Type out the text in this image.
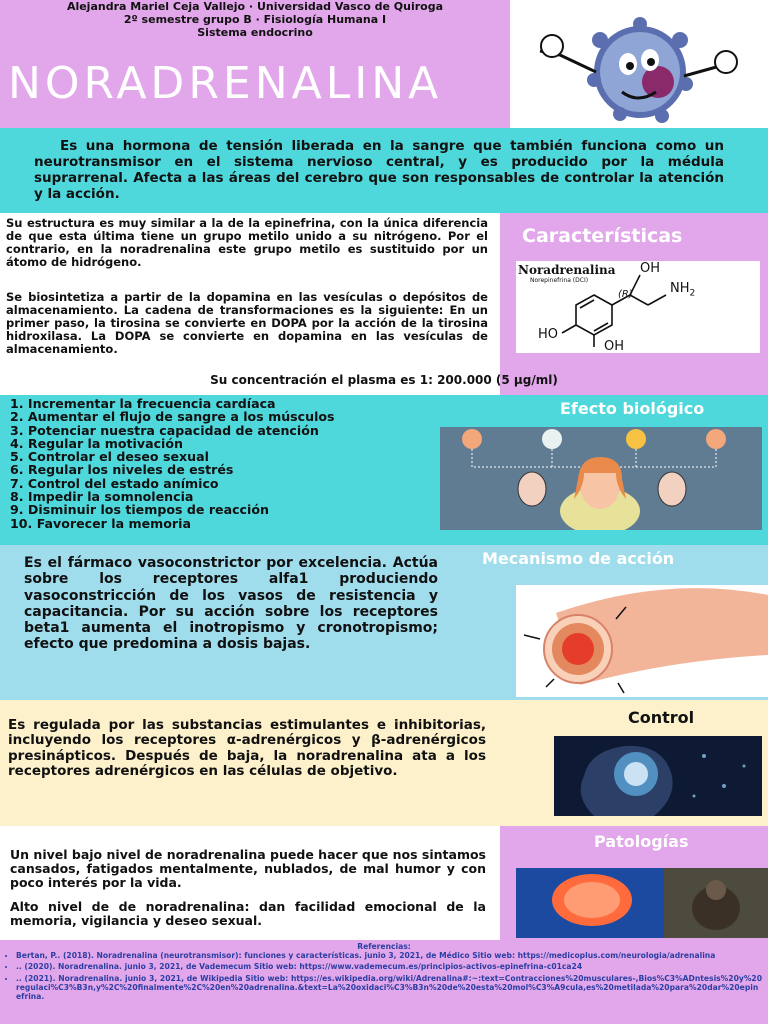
Alejandra Mariel Ceja Vallejo · Universidad Vasco de Quiroga
2º semestre grupo B · Fisiología Humana I
Sistema endocrino
NORADRENALINA
Es una hormona de tensión liberada en la sangre que también funciona como un neurotransmisor en el sistema nervioso central, y es producido por la médula suprarrenal. Afecta a las áreas del cerebro que son responsables de controlar la atención y la acción.
Su estructura es muy similar a la de la epinefrina, con la única diferencia de que esta última tiene un grupo metilo unido a su nitrógeno. Por el contrario, en la noradrenalina este grupo metilo es sustituido por un átomo de hidrógeno.
Se biosintetiza a partir de la dopamina en las vesículas o depósitos de almacenamiento. La cadena de transformaciones es la siguiente: En un primer paso, la tirosina se convierte en DOPA por la acción de la tirosina hidroxilasa. La DOPA se convierte en dopamina en las vesículas de almacenamiento.
Características
Noradrenalina
Norepinefrina (DCI)
OH
(R)	$NH_2$
HO
OH
Su concentración el plasma es 1: 200.000 (5 µg/ml)
1. Incrementar la frecuencia cardíaca
2. Aumentar el flujo de sangre a los músculos
3. Potenciar nuestra capacidad de atención
4. Regular la motivación
5. Controlar el deseo sexual
6. Regular los niveles de estrés
7. Control del estado anímico
8. Impedir la somnolencia
9. Disminuir los tiempos de reacción
10. Favorecer la memoria
Efecto biológico
Es el fármaco vasoconstrictor por excelencia. Actúa sobre los receptores alfa1 produciendo vasoconstricción de los vasos de resistencia y capacitancia. Por su acción sobre los receptores beta1 aumenta el inotropismo y cronotropismo; efecto que predomina a dosis bajas.
Mecanismo de acción
Es regulada por las substancias estimulantes e inhibitorias, incluyendo los receptores α-adrenérgicos y β-adrenérgicos presinápticos. Después de baja, la noradrenalina ata a los receptores adrenérgicos en las células de objetivo.
Control
Un nivel bajo nivel de noradrenalina puede hacer que nos sintamos cansados, fatigados mentalmente, nublados, de mal humor y con poco interés por la vida.
Alto nivel de de noradrenalina: dan facilidad emocional de la memoria, vigilancia y deseo sexual.
Patologías
Referencias:
• Bertan, P.. (2018). Noradrenalina (neurotransmisor): funciones y características. junio 3, 2021, de Médico Sitio web: https://medicoplus.com/neurologia/adrenalina
• .. (2020). Noradrenalina. junio 3, 2021, de Vademecum Sitio web: https://www.vademecum.es/principios-activos-epinefrina-c01ca24
• .. (2021). Noradrenalina. junio 3, 2021, de Wikipedia Sitio web: https://es.wikipedia.org/wiki/Adrenalina#:~:text=Contracciones%20musculares-,Bios%C3%ADntesis%20y%20regulaci%C3%B3n,y%2C%20finalmente%2C%20en%20adrenalina.&text=La%20oxidaci%C3%B3n%20de%20esta%20mol%C3%A9cula,es%20metilada%20para%20dar%20epinefrina.
